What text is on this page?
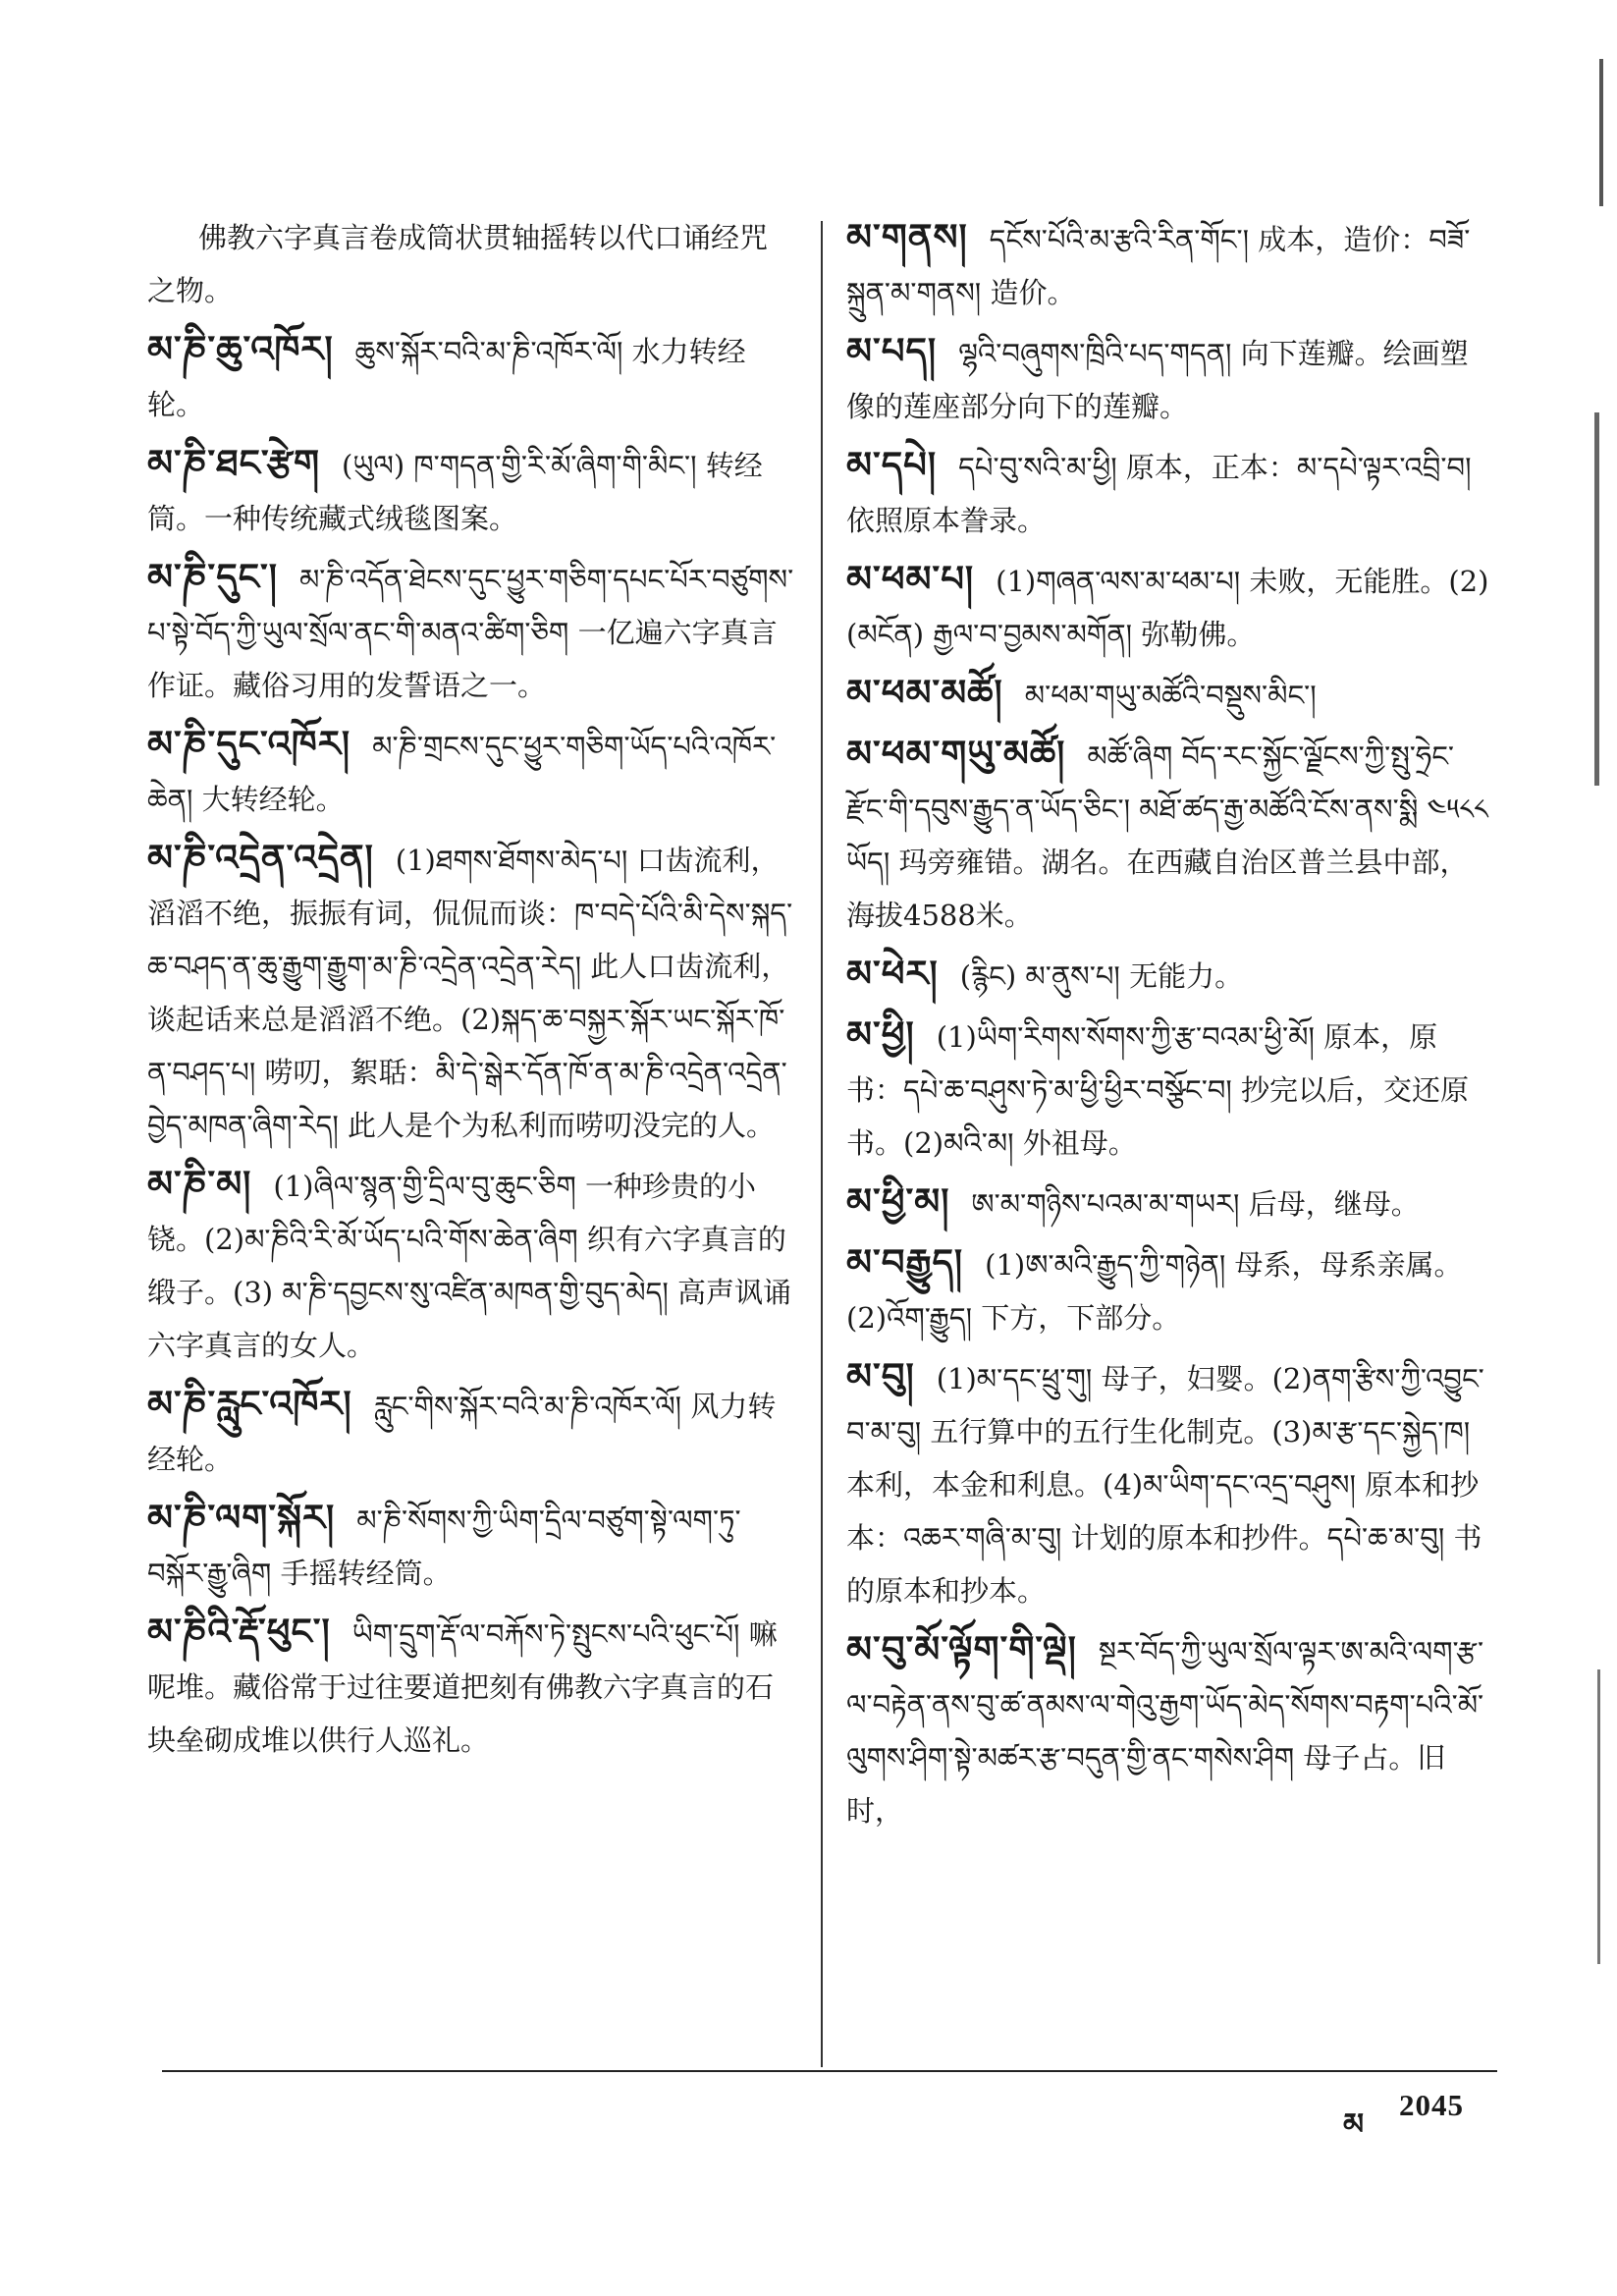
佛教六字真言卷成筒状贯轴摇转以代口诵经咒之物。
མ་ཎི་ཆུ་འཁོར། ཆུས་སྐོར་བའི་མ་ཎི་འཁོར་ལོ། 水力转经轮。
མ་ཎི་ཐང་རྩེག (ཡུལ) ཁ་གདན་གྱི་རི་མོ་ཞིག་གི་མིང་། 转经筒。一种传统藏式绒毯图案。
མ་ཎི་དུང་། མ་ཎི་འདོན་ཐེངས་དུང་ཕྱུར་གཅིག་དཔང་པོར་བཙུགས་པ་སྟེ་བོད་ཀྱི་ཡུལ་སྲོལ་ནང་གི་མནའ་ཚིག་ཅིག 一亿遍六字真言作证。藏俗习用的发誓语之一。
མ་ཎི་དུང་འཁོར། མ་ཎི་གྲངས་དུང་ཕྱུར་གཅིག་ཡོད་པའི་འཁོར་ཆེན། 大转经轮。
མ་ཎི་འདྲེན་འདྲེན། (1)ཐགས་ཐོགས་མེད་པ། 口齿流利，滔滔不绝，振振有词，侃侃而谈：ཁ་བདེ་པོའི་མི་དེས་སྐད་ཆ་བཤད་ན་ཆུ་རྒྱུག་རྒྱུག་མ་ཎི་འདྲེན་འདྲེན་རེད། 此人口齿流利，谈起话来总是滔滔不绝。(2)སྐད་ཆ་བསྐྱར་སྐོར་ཡང་སྐོར་ཁོ་ན་བཤད་པ། 唠叨，絮聒：མི་དེ་སྒེར་དོན་ཁོ་ན་མ་ཎི་འདྲེན་འདྲེན་བྱེད་མཁན་ཞིག་རེད། 此人是个为私利而唠叨没完的人。
མ་ཎི་མ། (1)ཞིལ་སྙན་གྱི་དྲིལ་བུ་ཆུང་ཅིག 一种珍贵的小铙。(2)མ་ཎིའི་རི་མོ་ཡོད་པའི་གོས་ཆེན་ཞིག 织有六字真言的缎子。(3) མ་ཎི་དབྱངས་སུ་འཛིན་མཁན་གྱི་བུད་མེད། 高声讽诵六字真言的女人。
མ་ཎི་རླུང་འཁོར། རླུང་གིས་སྐོར་བའི་མ་ཎི་འཁོར་ལོ། 风力转经轮。
མ་ཎི་ལག་སྐོར། མ་ཎི་སོགས་ཀྱི་ཡིག་དྲིལ་བཙུག་སྟེ་ལག་ཏུ་བསྐོར་རྒྱུ་ཞིག 手摇转经筒。
མ་ཎིའི་རྡོ་ཕུང་། ཡིག་དྲུག་རྡོ་ལ་བརྐོས་ཏེ་སྤུངས་པའི་ཕུང་པོ། 嘛呢堆。藏俗常于过往要道把刻有佛教六字真言的石块垒砌成堆以供行人巡礼。
མ་གནས། དངོས་པོའི་མ་རྩའི་རིན་གོང་། 成本，造价：བཟོ་སྐྲུན་མ་གནས། 造价。
མ་པད། ལྷའི་བཞུགས་ཁྲིའི་པད་གདན། 向下莲瓣。绘画塑像的莲座部分向下的莲瓣。
མ་དཔེ། དཔེ་བུ་སའི་མ་ཕྱི། 原本，正本：མ་དཔེ་ལྟར་འབྲི་བ། 依照原本誊录。
མ་ཕམ་པ། (1)གཞན་ལས་མ་ཕམ་པ། 未败，无能胜。(2)(མངོན) རྒྱལ་བ་བྱམས་མགོན། 弥勒佛。
མ་ཕམ་མཚོ། མ་ཕམ་གཡུ་མཚོའི་བསྡུས་མིང་།
མ་ཕམ་གཡུ་མཚོ། མཚོ་ཞིག བོད་རང་སྐྱོང་ལྗོངས་ཀྱི་སྤུ་ཧྲེང་རྫོང་གི་དབུས་རྒྱུད་ན་ཡོད་ཅིང་། མཐོ་ཚད་རྒྱ་མཚོའི་ངོས་ནས་སྨི ༤༥༨༨ ཡོད། 玛旁雍错。湖名。在西藏自治区普兰县中部，海拔4588米。
མ་ཕེར། (རྙིང) མ་ནུས་པ། 无能力。
མ་ཕྱི། (1)ཡིག་རིགས་སོགས་ཀྱི་རྩ་བའམ་ཕྱི་མོ། 原本，原书：དཔེ་ཆ་བཤུས་ཏེ་མ་ཕྱི་ཕྱིར་བསྩོང་བ། 抄完以后，交还原书。(2)མའི་མ། 外祖母。
མ་ཕྱི་མ། ཨ་མ་གཉིས་པའམ་མ་གཡར། 后母，继母。
མ་བརྒྱུད། (1)ཨ་མའི་རྒྱུད་ཀྱི་གཉེན། 母系，母系亲属。(2)འོག་རྒྱུད། 下方，下部分。
མ་བུ། (1)མ་དང་ཕྲུ་གུ། 母子，妇婴。(2)ནག་རྩིས་ཀྱི་འབྱུང་བ་མ་བུ། 五行算中的五行生化制克。(3)མ་རྩ་དང་སྐྱེད་ཁ། 本利，本金和利息。(4)མ་ཡིག་དང་འདྲ་བཤུས། 原本和抄本：འཆར་གཞི་མ་བུ། 计划的原本和抄件。དཔེ་ཆ་མ་བུ། 书的原本和抄本。
མ་བུ་མོ་ལྟོག་གི་ལྡེ། སྔར་བོད་ཀྱི་ཡུལ་སྲོལ་ལྟར་ཨ་མའི་ལག་རྩ་ལ་བརྟེན་ནས་བུ་ཚ་ནམས་ལ་གེའུ་རྒྱག་ཡོད་མེད་སོགས་བརྟག་པའི་མོ་ལུགས་ཤིག་སྟེ་མཚར་རྩ་བདུན་གྱི་ནང་གསེས་ཤིག 母子占。旧时，
མ
2045
